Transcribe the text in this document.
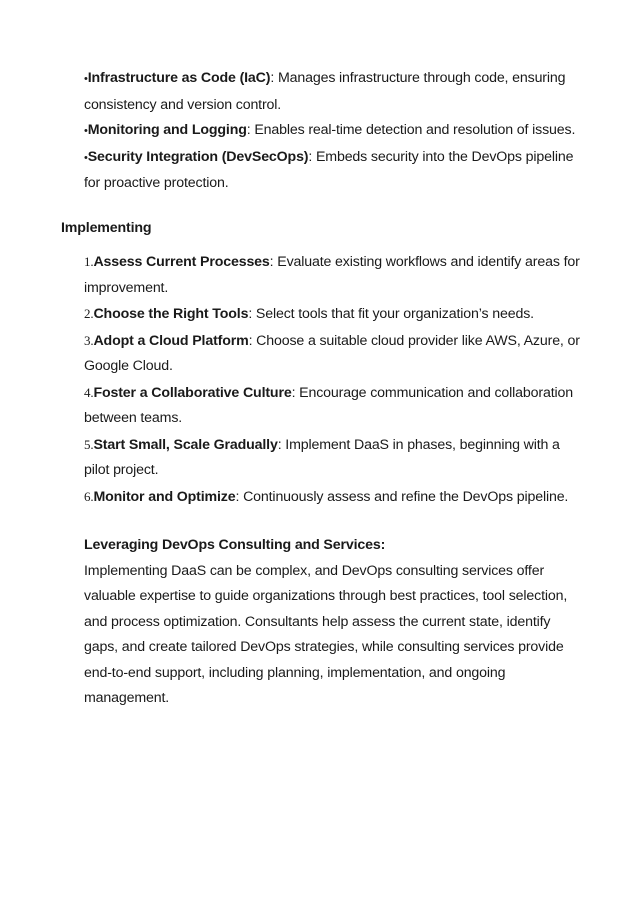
•Infrastructure as Code (IaC): Manages infrastructure through code, ensuring consistency and version control.

•Monitoring and Logging: Enables real-time detection and resolution of issues.

•Security Integration (DevSecOps): Embeds security into the DevOps pipeline for proactive protection.

Implementing

1.Assess Current Processes: Evaluate existing workflows and identify areas for improvement.

2.Choose the Right Tools: Select tools that fit your organization’s needs.

3.Adopt a Cloud Platform: Choose a suitable cloud provider like AWS, Azure, or Google Cloud.

4.Foster a Collaborative Culture: Encourage communication and collaboration between teams.

5.Start Small, Scale Gradually: Implement DaaS in phases, beginning with a pilot project.

6.Monitor and Optimize: Continuously assess and refine the DevOps pipeline.

Leveraging DevOps Consulting and Services:

Implementing DaaS can be complex, and DevOps consulting services offer valuable expertise to guide organizations through best practices, tool selection, and process optimization. Consultants help assess the current state, identify gaps, and create tailored DevOps strategies, while consulting services provide end-to-end support, including planning, implementation, and ongoing management.
